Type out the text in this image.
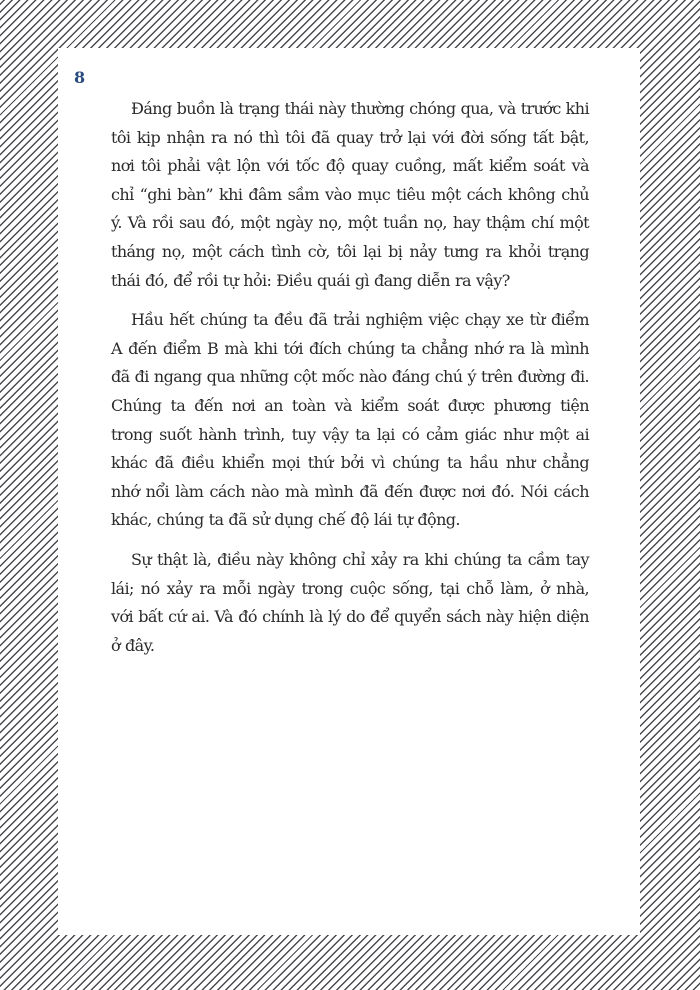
8

Đáng buồn là trạng thái này thường chóng qua, và trước khi tôi kịp nhận ra nó thì tôi đã quay trở lại với đời sống tất bật, nơi tôi phải vật lộn với tốc độ quay cuồng, mất kiểm soát và chỉ “ghi bàn” khi đâm sầm vào mục tiêu một cách không chủ ý. Và rồi sau đó, một ngày nọ, một tuần nọ, hay thậm chí một tháng nọ, một cách tình cờ, tôi lại bị nảy tưng ra khỏi trạng thái đó, để rồi tự hỏi: Điều quái gì đang diễn ra vậy?

Hầu hết chúng ta đều đã trải nghiệm việc chạy xe từ điểm A đến điểm B mà khi tới đích chúng ta chẳng nhớ ra là mình đã đi ngang qua những cột mốc nào đáng chú ý trên đường đi. Chúng ta đến nơi an toàn và kiểm soát được phương tiện trong suốt hành trình, tuy vậy ta lại có cảm giác như một ai khác đã điều khiển mọi thứ bởi vì chúng ta hầu như chẳng nhớ nổi làm cách nào mà mình đã đến được nơi đó. Nói cách khác, chúng ta đã sử dụng chế độ lái tự động.

Sự thật là, điều này không chỉ xảy ra khi chúng ta cầm tay lái; nó xảy ra mỗi ngày trong cuộc sống, tại chỗ làm, ở nhà, với bất cứ ai. Và đó chính là lý do để quyển sách này hiện diện ở đây.
